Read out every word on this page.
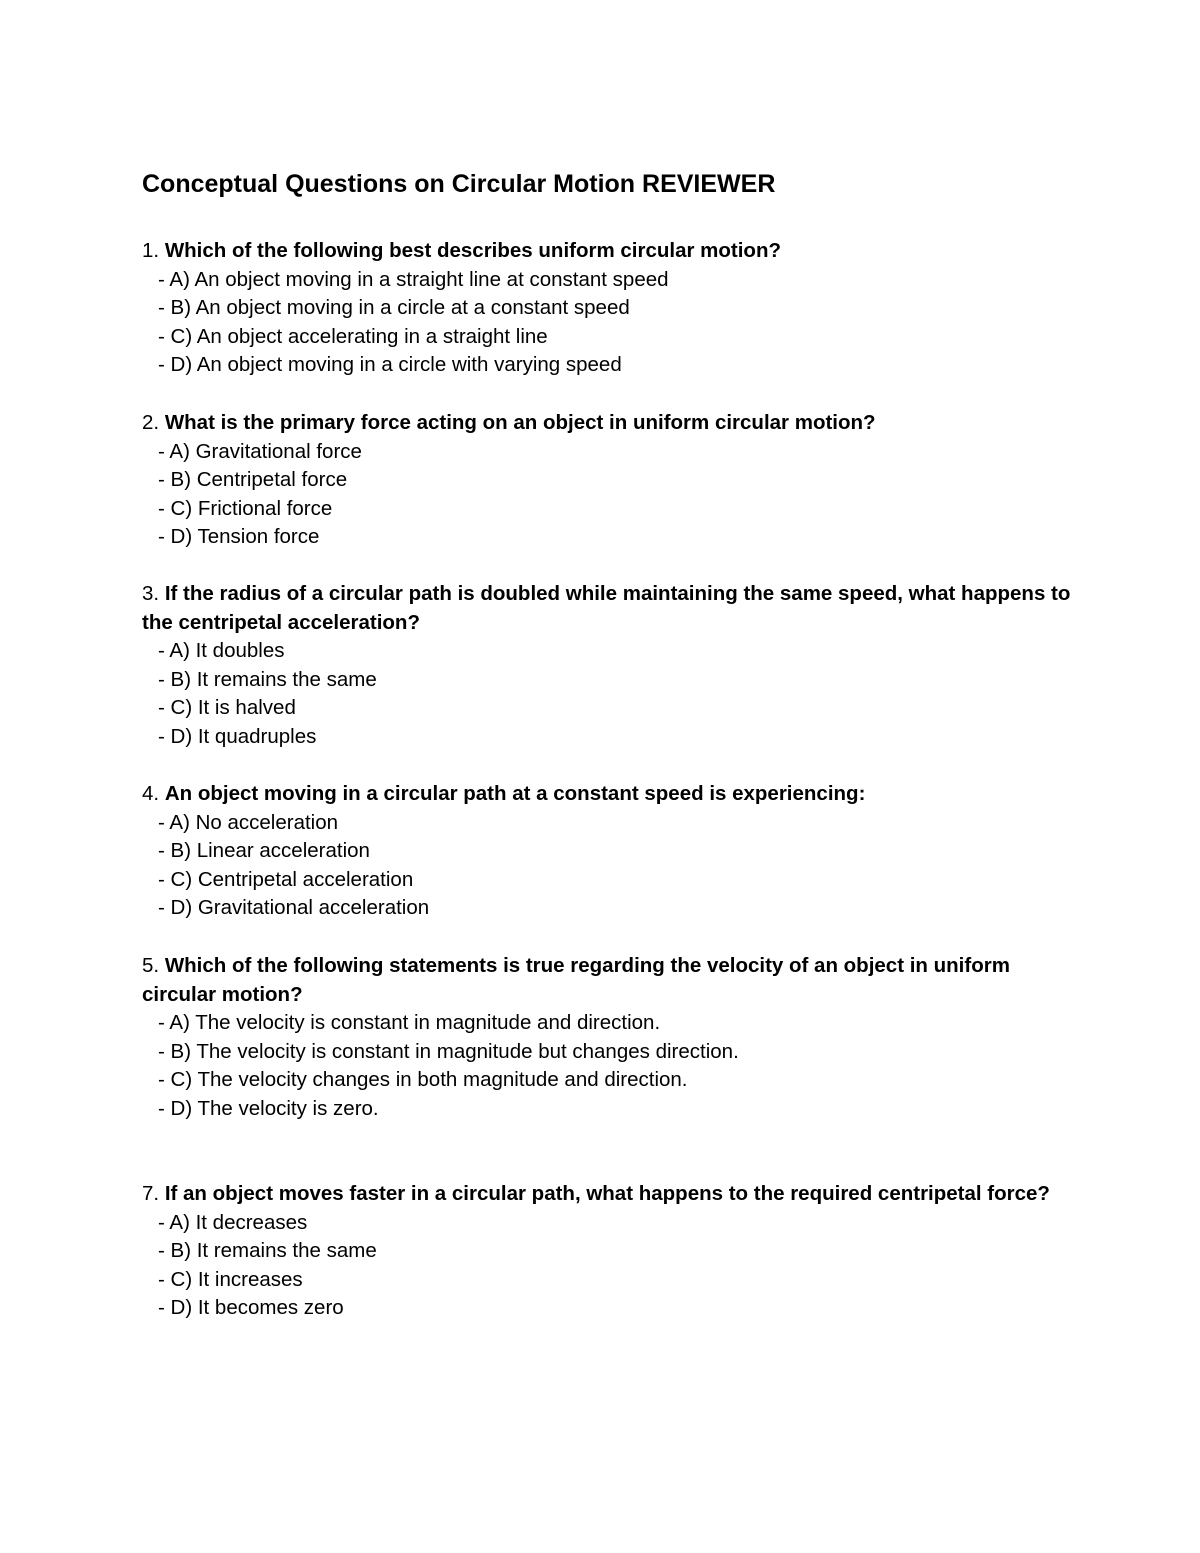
Conceptual Questions on Circular Motion REVIEWER

1. Which of the following best describes uniform circular motion?

- A) An object moving in a straight line at constant speed
- B) An object moving in a circle at a constant speed
- C) An object accelerating in a straight line
- D) An object moving in a circle with varying speed

2. What is the primary force acting on an object in uniform circular motion?

- A) Gravitational force
- B) Centripetal force
- C) Frictional force
- D) Tension force

3. If the radius of a circular path is doubled while maintaining the same speed, what happens to the centripetal acceleration?

- A) It doubles
- B) It remains the same
- C) It is halved
- D) It quadruples

4. An object moving in a circular path at a constant speed is experiencing:

- A) No acceleration
- B) Linear acceleration
- C) Centripetal acceleration
- D) Gravitational acceleration

5. Which of the following statements is true regarding the velocity of an object in uniform circular motion?

- A) The velocity is constant in magnitude and direction.
- B) The velocity is constant in magnitude but changes direction.
- C) The velocity changes in both magnitude and direction.
- D) The velocity is zero.

7. If an object moves faster in a circular path, what happens to the required centripetal force?

- A) It decreases
- B) It remains the same
- C) It increases
- D) It becomes zero
